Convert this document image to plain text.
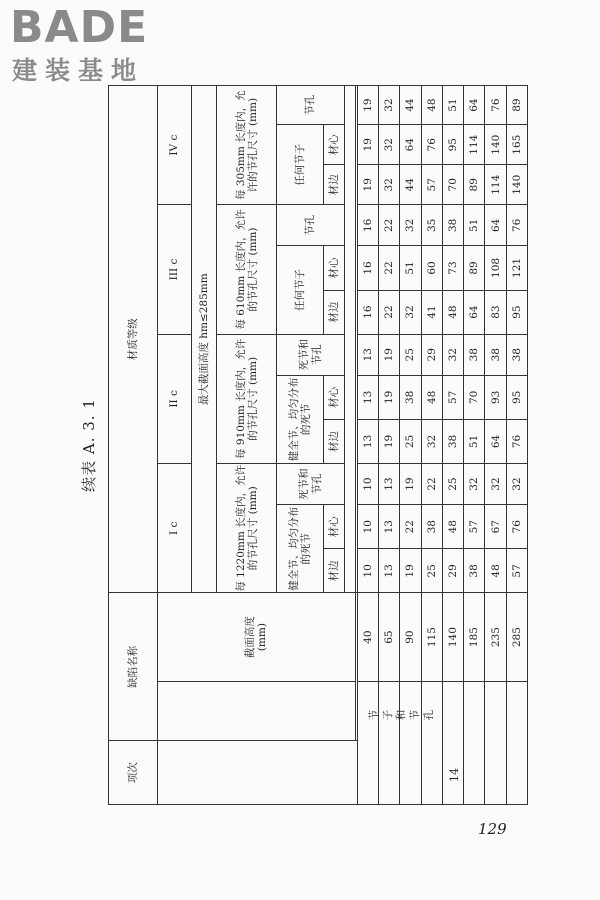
BADE
建装基地
续表 A. 3. 1
项次	缺陷名称		材质等级											

		截面高度 (mm)	I c			II c			III c			IV c		
			最大截面高度 hm≤285mm											
			每 1220mm 长度内，允许的节孔尺寸 (mm)			每 910mm 长度内，允许的节孔尺寸 (mm)			每 610mm 长度内，允许的节孔尺寸 (mm)			每 305mm 长度内，允许的节孔尺寸 (mm)		
			健全节、均匀分布的死节		死节和节孔	健全节、均匀分布的死节		死节和节孔	任何节子		节孔	任何节子		节孔
			材边	材心		材边	材心		材边	材心		材边	材心	

		40	10	10	10	13	13	13	16	16	16	19	19	19
		65	13	13	13	19	19	19	22	22	22	32	32	32
		90	19	22	19	25	38	25	32	51	32	44	64	44
		115	25	38	22	32	48	29	41	60	35	57	76	48
		140	29	48	25	38	57	32	48	73	38	70	95	51
		185	38	57	32	51	70	38	64	89	51	89	114	64
		235	48	67	32	64	93	38	83	108	64	114	140	76
		285	57	76	32	76	95	38	95	121	76	140	165	89
14
节子和节孔
129
